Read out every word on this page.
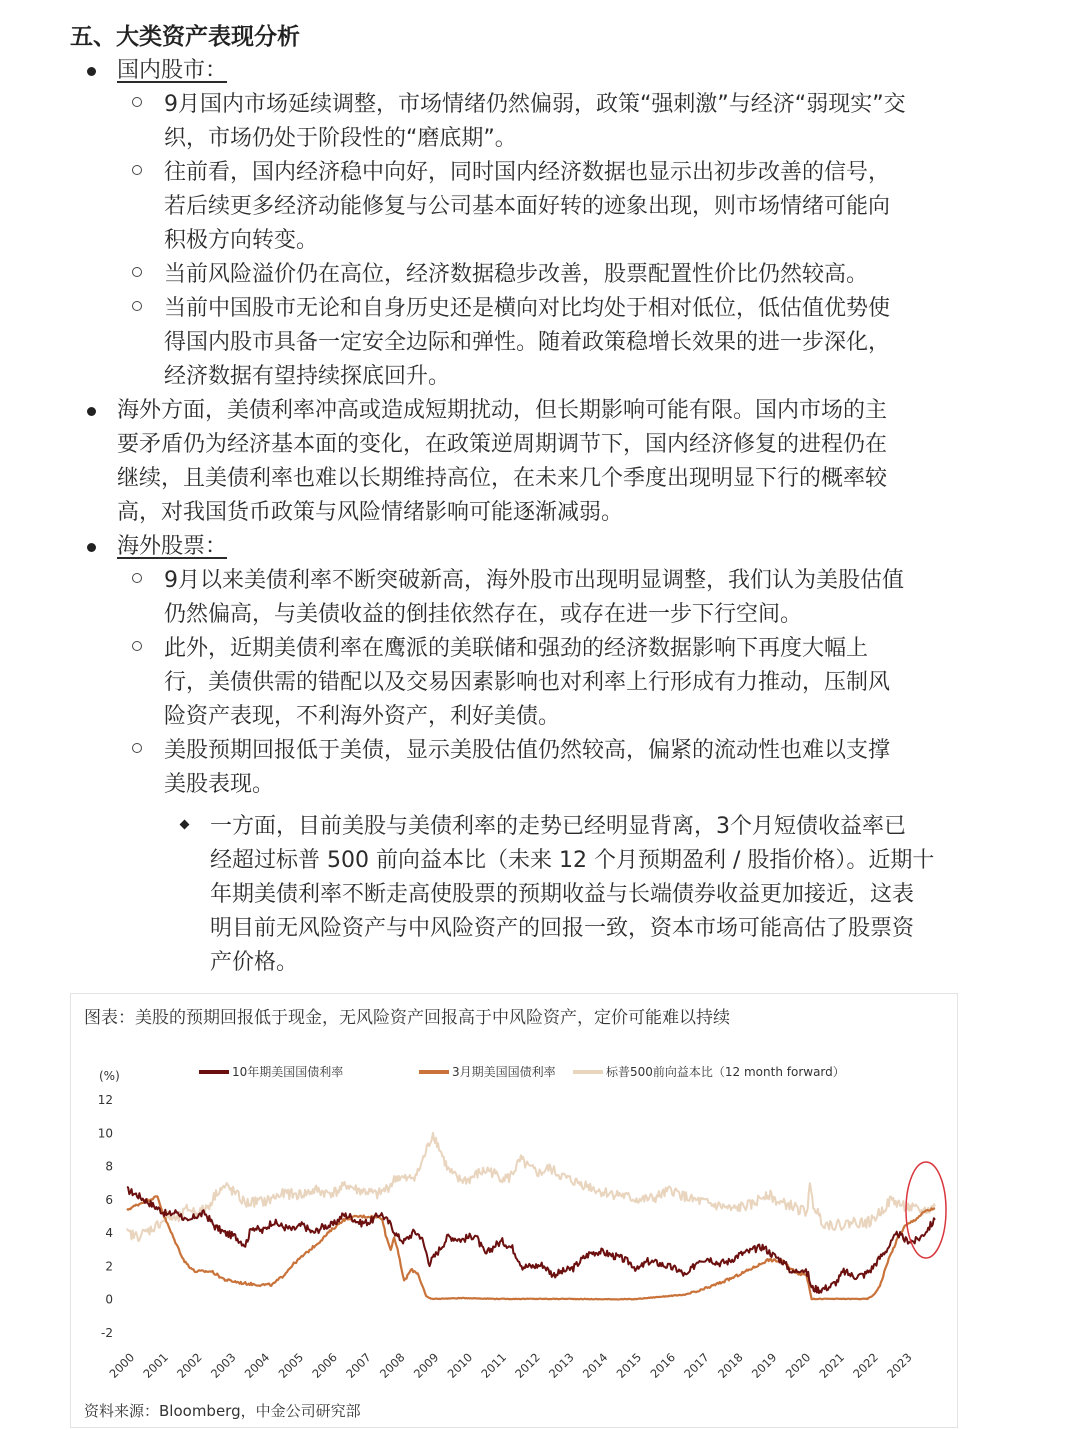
五、大类资产表现分析
国内股市：
9月国内市场延续调整，市场情绪仍然偏弱，政策“强刺激”与经济“弱现实”交
织，市场仍处于阶段性的“磨底期”。
往前看，国内经济稳中向好，同时国内经济数据也显示出初步改善的信号，
若后续更多经济动能修复与公司基本面好转的迹象出现，则市场情绪可能向
积极方向转变。
当前风险溢价仍在高位，经济数据稳步改善，股票配置性价比仍然较高。
当前中国股市无论和自身历史还是横向对比均处于相对低位，低估值优势使
得国内股市具备一定安全边际和弹性。随着政策稳增长效果的进一步深化，
经济数据有望持续探底回升。
海外方面，美债利率冲高或造成短期扰动，但长期影响可能有限。国内市场的主
要矛盾仍为经济基本面的变化，在政策逆周期调节下，国内经济修复的进程仍在
继续，且美债利率也难以长期维持高位，在未来几个季度出现明显下行的概率较
高，对我国货币政策与风险情绪影响可能逐渐减弱。
海外股票：
9月以来美债利率不断突破新高，海外股市出现明显调整，我们认为美股估值
仍然偏高，与美债收益的倒挂依然存在，或存在进一步下行空间。
此外，近期美债利率在鹰派的美联储和强劲的经济数据影响下再度大幅上
行，美债供需的错配以及交易因素影响也对利率上行形成有力推动，压制风
险资产表现，不利海外资产，利好美债。
美股预期回报低于美债，显示美股估值仍然较高，偏紧的流动性也难以支撑
美股表现。
一方面，目前美股与美债利率的走势已经明显背离，3个月短债收益率已
经超过标普 500 前向益本比（未来 12 个月预期盈利 / 股指价格）。近期十
年期美债利率不断走高使股票的预期收益与长端债券收益更加接近，这表
明目前无风险资产与中风险资产的回报一致，资本市场可能高估了股票资
产价格。
图表：美股的预期回报低于现金，无风险资产回报高于中风险资产，定价可能难以持续
10年期美国国债利率	3月期美国国债利率	标普500前向益本比（12 month forward）
(%)
-2
0
2
4
6
8
10
12
2000 2001 2002 2003 2004 2005 2006 2007 2008 2009 2010 2011 2012 2013 2014 2015 2016 2017 2018 2019 2020 2021 2022 2023
资料来源：Bloomberg，中金公司研究部
